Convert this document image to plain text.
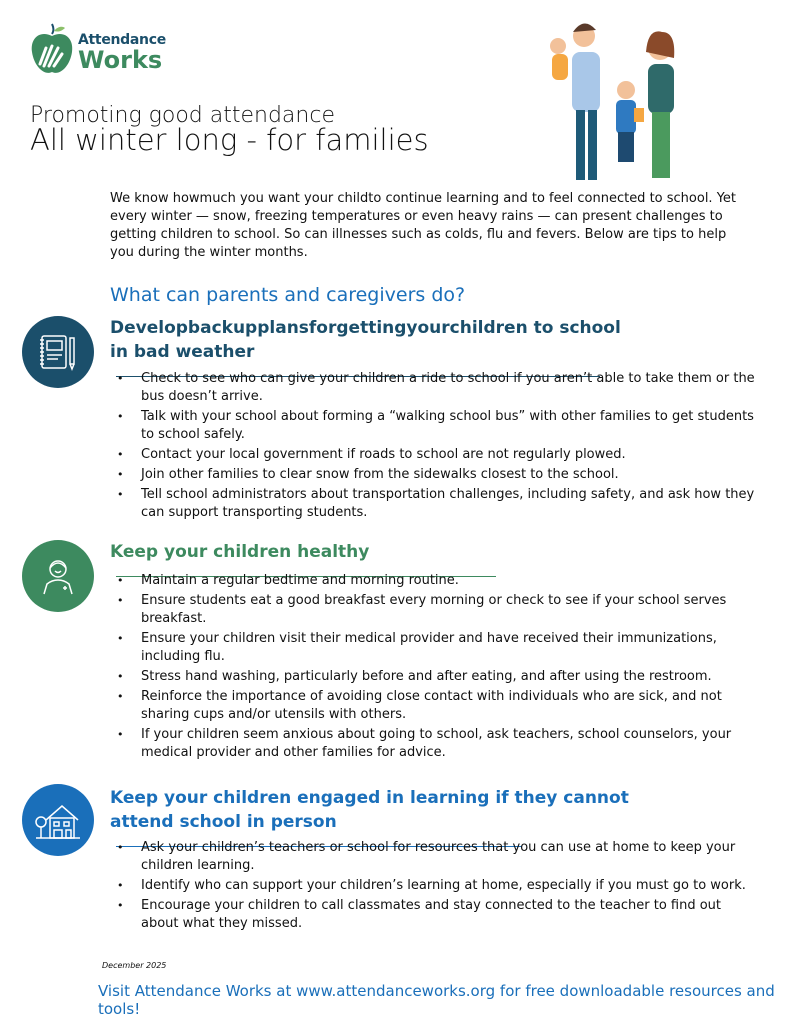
Attendance
Works
Promoting good attendance
All winter long - for families

We know howmuch you want your childto continue learning and to feel connected to school. Yet every winter — snow, freezing temperatures or even heavy rains — can present challenges to getting children to school. So can illnesses such as colds, flu and fevers. Below are tips to help you during the winter months.

What can parents and caregivers do?
Developbackupplansforgettingyourchildren to school
in bad weather
• Check to see who can give your children a ride to school if you aren’t able to take them or the bus doesn’t arrive.
• Talk with your school about forming a “walking school bus” with other families to get students to school safely.
• Contact your local government if roads to school are not regularly plowed.
• Join other families to clear snow from the sidewalks closest to the school.
• Tell school administrators about transportation challenges, including safety, and ask how they can support transporting students.
Keep your children healthy
• Maintain a regular bedtime and morning routine.
• Ensure students eat a good breakfast every morning or check to see if your school serves breakfast.
• Ensure your children visit their medical provider and have received their immunizations, including flu.
• Stress hand washing, particularly before and after eating, and after using the restroom.
• Reinforce the importance of avoiding close contact with individuals who are sick, and not sharing cups and/or utensils with others.
• If your children seem anxious about going to school, ask teachers, school counselors, your medical provider and other families for advice.
Keep your children engaged in learning if they cannot
attend school in person
• Ask your children’s teachers or school for resources that you can use at home to keep your children learning.
• Identify who can support your children’s learning at home, especially if you must go to work.
• Encourage your children to call classmates and stay connected to the teacher to find out about what they missed.
December 2025
Visit Attendance Works at www.attendanceworks.org for free downloadable resources and tools!
